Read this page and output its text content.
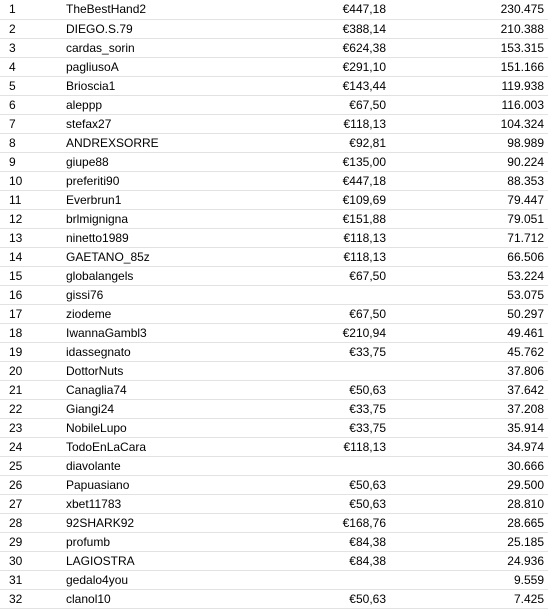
1	TheBestHand2	€447,18	230.475
2	DIEGO.S.79	€388,14	210.388
3	cardas_sorin	€624,38	153.315
4	pagliusoA	€291,10	151.166
5	Brioscia1	€143,44	119.938
6	aleppp	€67,50	116.003
7	stefax27	€118,13	104.324
8	ANDREXSORRE	€92,81	98.989
9	giupe88	€135,00	90.224
10	preferiti90	€447,18	88.353
11	Everbrun1	€109,69	79.447
12	brlmignigna	€151,88	79.051
13	ninetto1989	€118,13	71.712
14	GAETANO_85z	€118,13	66.506
15	globalangels	€67,50	53.224
16	gissi76		53.075
17	ziodeme	€67,50	50.297
18	IwannaGambl3	€210,94	49.461
19	idassegnato	€33,75	45.762
20	DottorNuts		37.806
21	Canaglia74	€50,63	37.642
22	Giangi24	€33,75	37.208
23	NobileLupo	€33,75	35.914
24	TodoEnLaCara	€118,13	34.974
25	diavolante		30.666
26	Papuasiano	€50,63	29.500
27	xbet11783	€50,63	28.810
28	92SHARK92	€168,76	28.665
29	profumb	€84,38	25.185
30	LAGIOSTRA	€84,38	24.936
31	gedalo4you		9.559
32	clanol10	€50,63	7.425
